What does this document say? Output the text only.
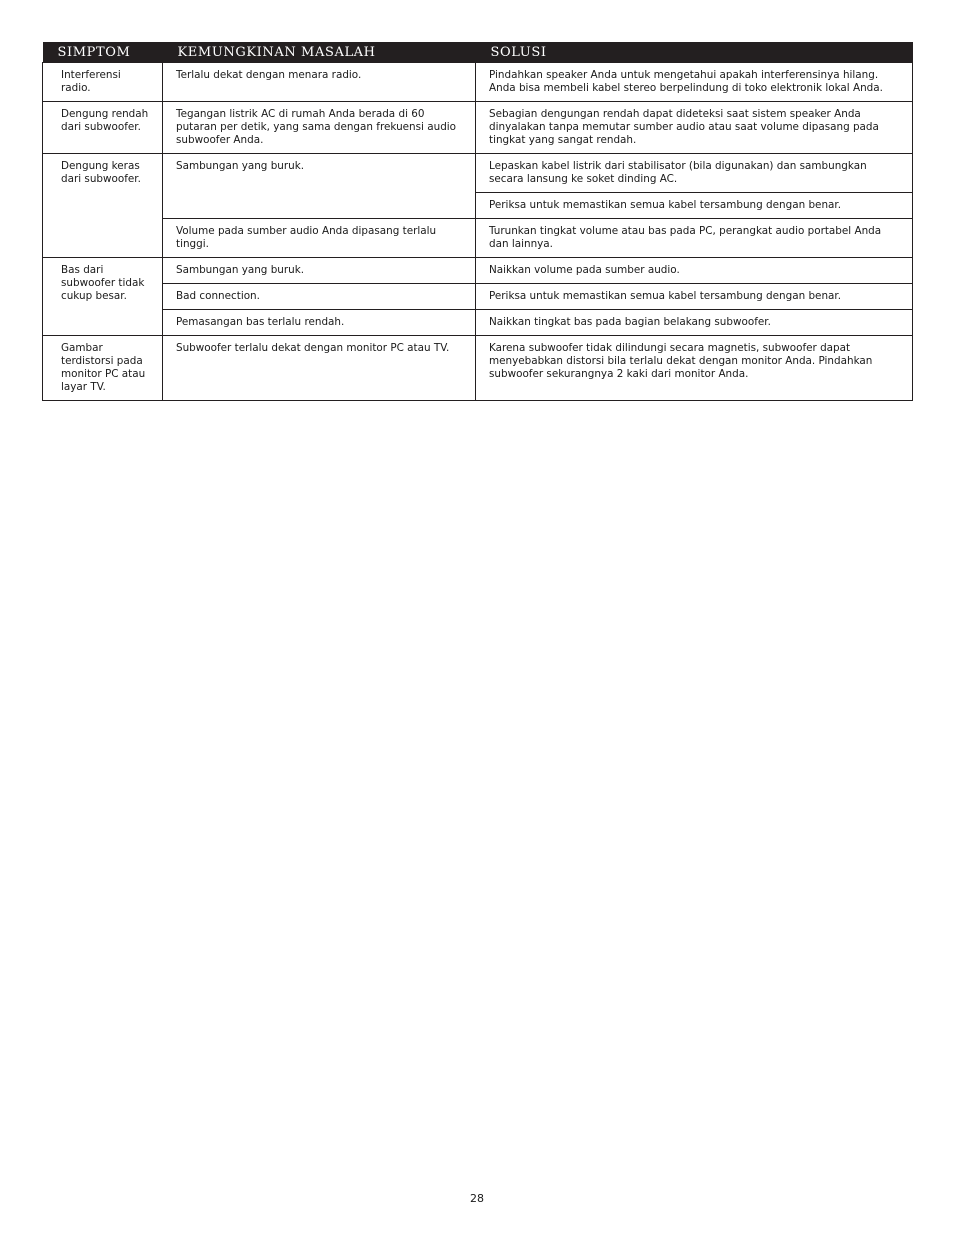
SIMPTOM	KEMUNGKINAN MASALAH	SOLUSI
Interferensi radio.	Terlalu dekat dengan menara radio.	Pindahkan speaker Anda untuk mengetahui apakah interferensinya hilang. Anda bisa membeli kabel stereo berpelindung di toko elektronik lokal Anda.
Dengung rendah dari subwoofer.	Tegangan listrik AC di rumah Anda berada di 60 putaran per detik, yang sama dengan frekuensi audio subwoofer Anda.	Sebagian dengungan rendah dapat dideteksi saat sistem speaker Anda dinyalakan tanpa memutar sumber audio atau saat volume dipasang pada tingkat yang sangat rendah.
Dengung keras dari subwoofer.	Sambungan yang buruk.	Lepaskan kabel listrik dari stabilisator (bila digunakan) dan sambungkan secara lansung ke soket dinding AC.
		Periksa untuk memastikan semua kabel tersambung dengan benar.
	Volume pada sumber audio Anda dipasang terlalu tinggi.	Turunkan tingkat volume atau bas pada PC, perangkat audio portabel Anda dan lainnya.
Bas dari subwoofer tidak cukup besar.	Sambungan yang buruk.	Naikkan volume pada sumber audio.
	Bad connection.	Periksa untuk memastikan semua kabel tersambung dengan benar.
	Pemasangan bas terlalu rendah.	Naikkan tingkat bas pada bagian belakang subwoofer.
Gambar terdistorsi pada monitor PC atau layar TV.	Subwoofer terlalu dekat dengan monitor PC atau TV.	Karena subwoofer tidak dilindungi secara magnetis, subwoofer dapat menyebabkan distorsi bila terlalu dekat dengan monitor Anda. Pindahkan subwoofer sekurangnya 2 kaki dari monitor Anda.
28
